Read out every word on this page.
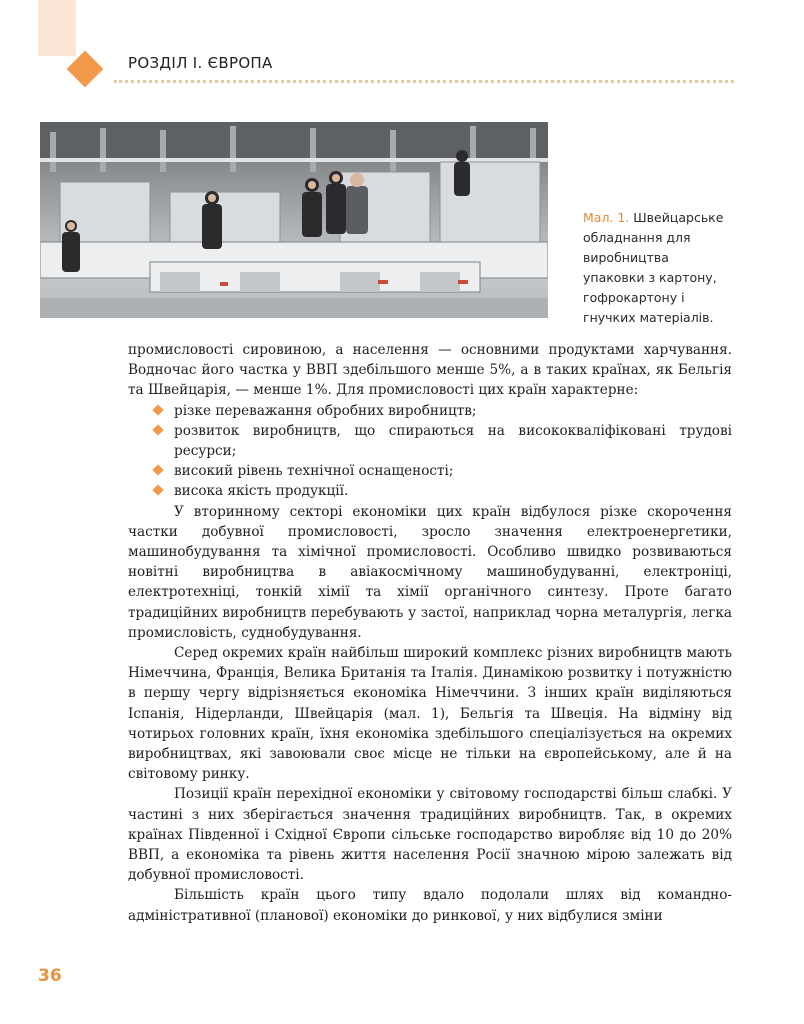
РОЗДІЛ І. ЄВРОПА
Мал. 1. Швейцарське обладнання для виробництва упаковки з картону, гофрокартону і гнучких матеріалів.

промисловості сировиною, а населення — основними продуктами харчування. Водночас його частка у ВВП здебільшого менше 5%, а в таких країнах, як Бельгія та Швейцарія, — менше 1%. Для промисловості цих країн характерне:

різке переважання обробних виробництв;
розвиток виробництв, що спираються на висококваліфіковані трудові ресурси;
високий рівень технічної оснащеності;
висока якість продукції.

У вторинному секторі економіки цих країн відбулося різке скорочення частки добувної промисловості, зросло значення електроенергетики, машинобудування та хімічної промисловості. Особливо швидко розвиваються новітні виробництва в авіакосмічному машинобудуванні, електроніці, електротехніці, тонкій хімії та хімії органічного синтезу. Проте багато традиційних виробництв перебувають у застої, наприклад чорна металургія, легка промисловість, суднобудування.

Серед окремих країн найбільш широкий комплекс різних виробництв мають Німеччина, Франція, Велика Британія та Італія. Динамікою розвитку і потужністю в першу чергу відрізняється економіка Німеччини. З інших країн виділяються Іспанія, Нідерланди, Швейцарія (мал. 1), Бельгія та Швеція. На відміну від чотирьох головних країн, їхня економіка здебільшого спеціалізується на окремих виробництвах, які завоювали своє місце не тільки на європейському, але й на світовому ринку.

Позиції країн перехідної економіки у світовому господарстві більш слабкі. У частині з них зберігається значення традиційних виробництв. Так, в окремих країнах Південної і Східної Європи сільське господарство виробляє від 10 до 20% ВВП, а економіка та рівень життя населення Росії значною мірою залежать від добувної промисловості.

Більшість країн цього типу вдало подолали шлях від командно-адміністративної (планової) економіки до ринкової, у них відбулися зміни

36
